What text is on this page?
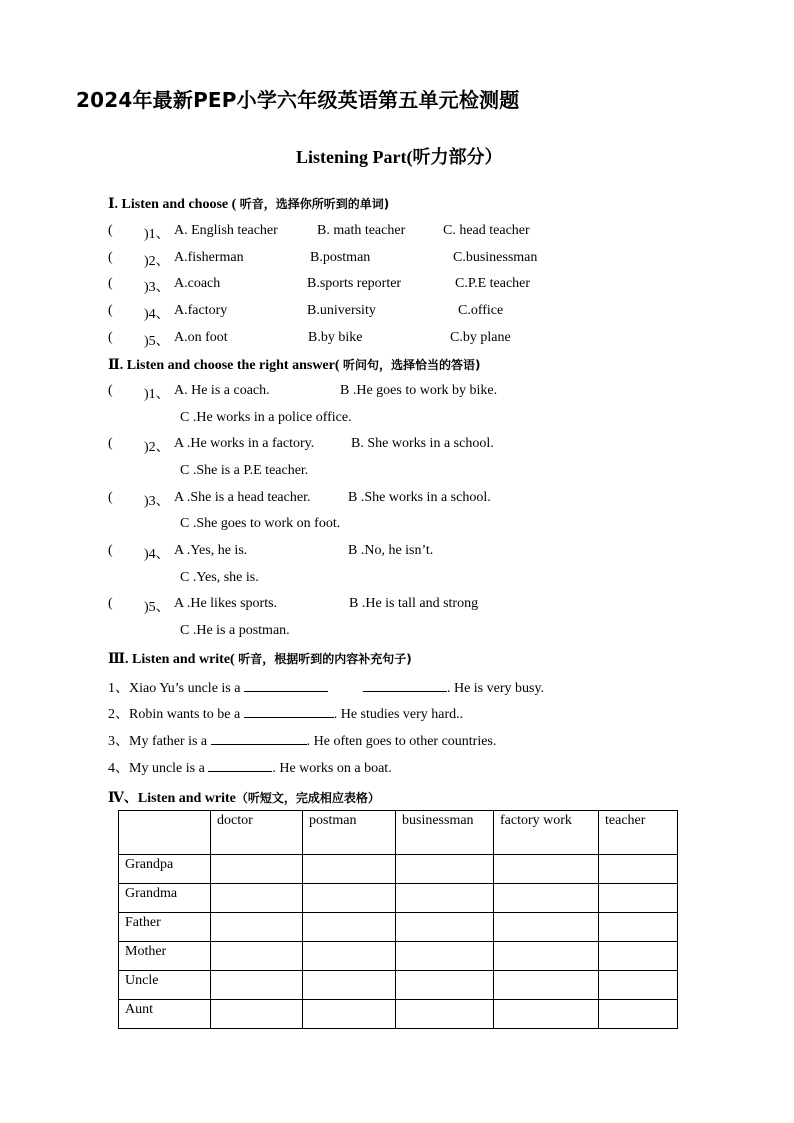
2024年最新PEP小学六年级英语第五单元检测题
Listening Part(听力部分）
Ⅰ. Listen and choose ( 听音，选择你所听到的单词)
( )1、 A. English teacher	B. math teacher	C. head teacher
( )2、 A.fisherman	B.postman	C.businessman
( )3、 A.coach	B.sports reporter	C.P.E teacher
( )4、 A.factory	B.university	C.office
( )5、 A.on foot	B.by bike	C.by plane
Ⅱ. Listen and choose the right answer( 听问句，选择恰当的答语)
( )1、 A. He is a coach.	B .He goes to work by bike.
C .He works in a police office.
( )2、 A .He works in a factory.	B. She works in a school.
C .She is a P.E teacher.
( )3、 A .She is a head teacher.	B .She works in a school.
C .She goes to work on foot.
( )4、 A .Yes, he is.	B .No, he isn’t.
C .Yes, she is.
( )5、 A .He likes sports.	B .He is tall and strong
C .He is a postman.
Ⅲ. Listen and write( 听音，根据听到的内容补充句子)
1、Xiao Yu’s uncle is a	. He is very busy.
2、Robin wants to be a	. He studies very hard..
3、My father is a	. He often goes to other countries.
4、My uncle is a	. He works on a boat.
Ⅳ、Listen and write（听短文，完成相应表格）
	doctor	postman	businessman	factory work	teacher
Grandpa					
Grandma					
Father					
Mother					
Uncle					
Aunt					
